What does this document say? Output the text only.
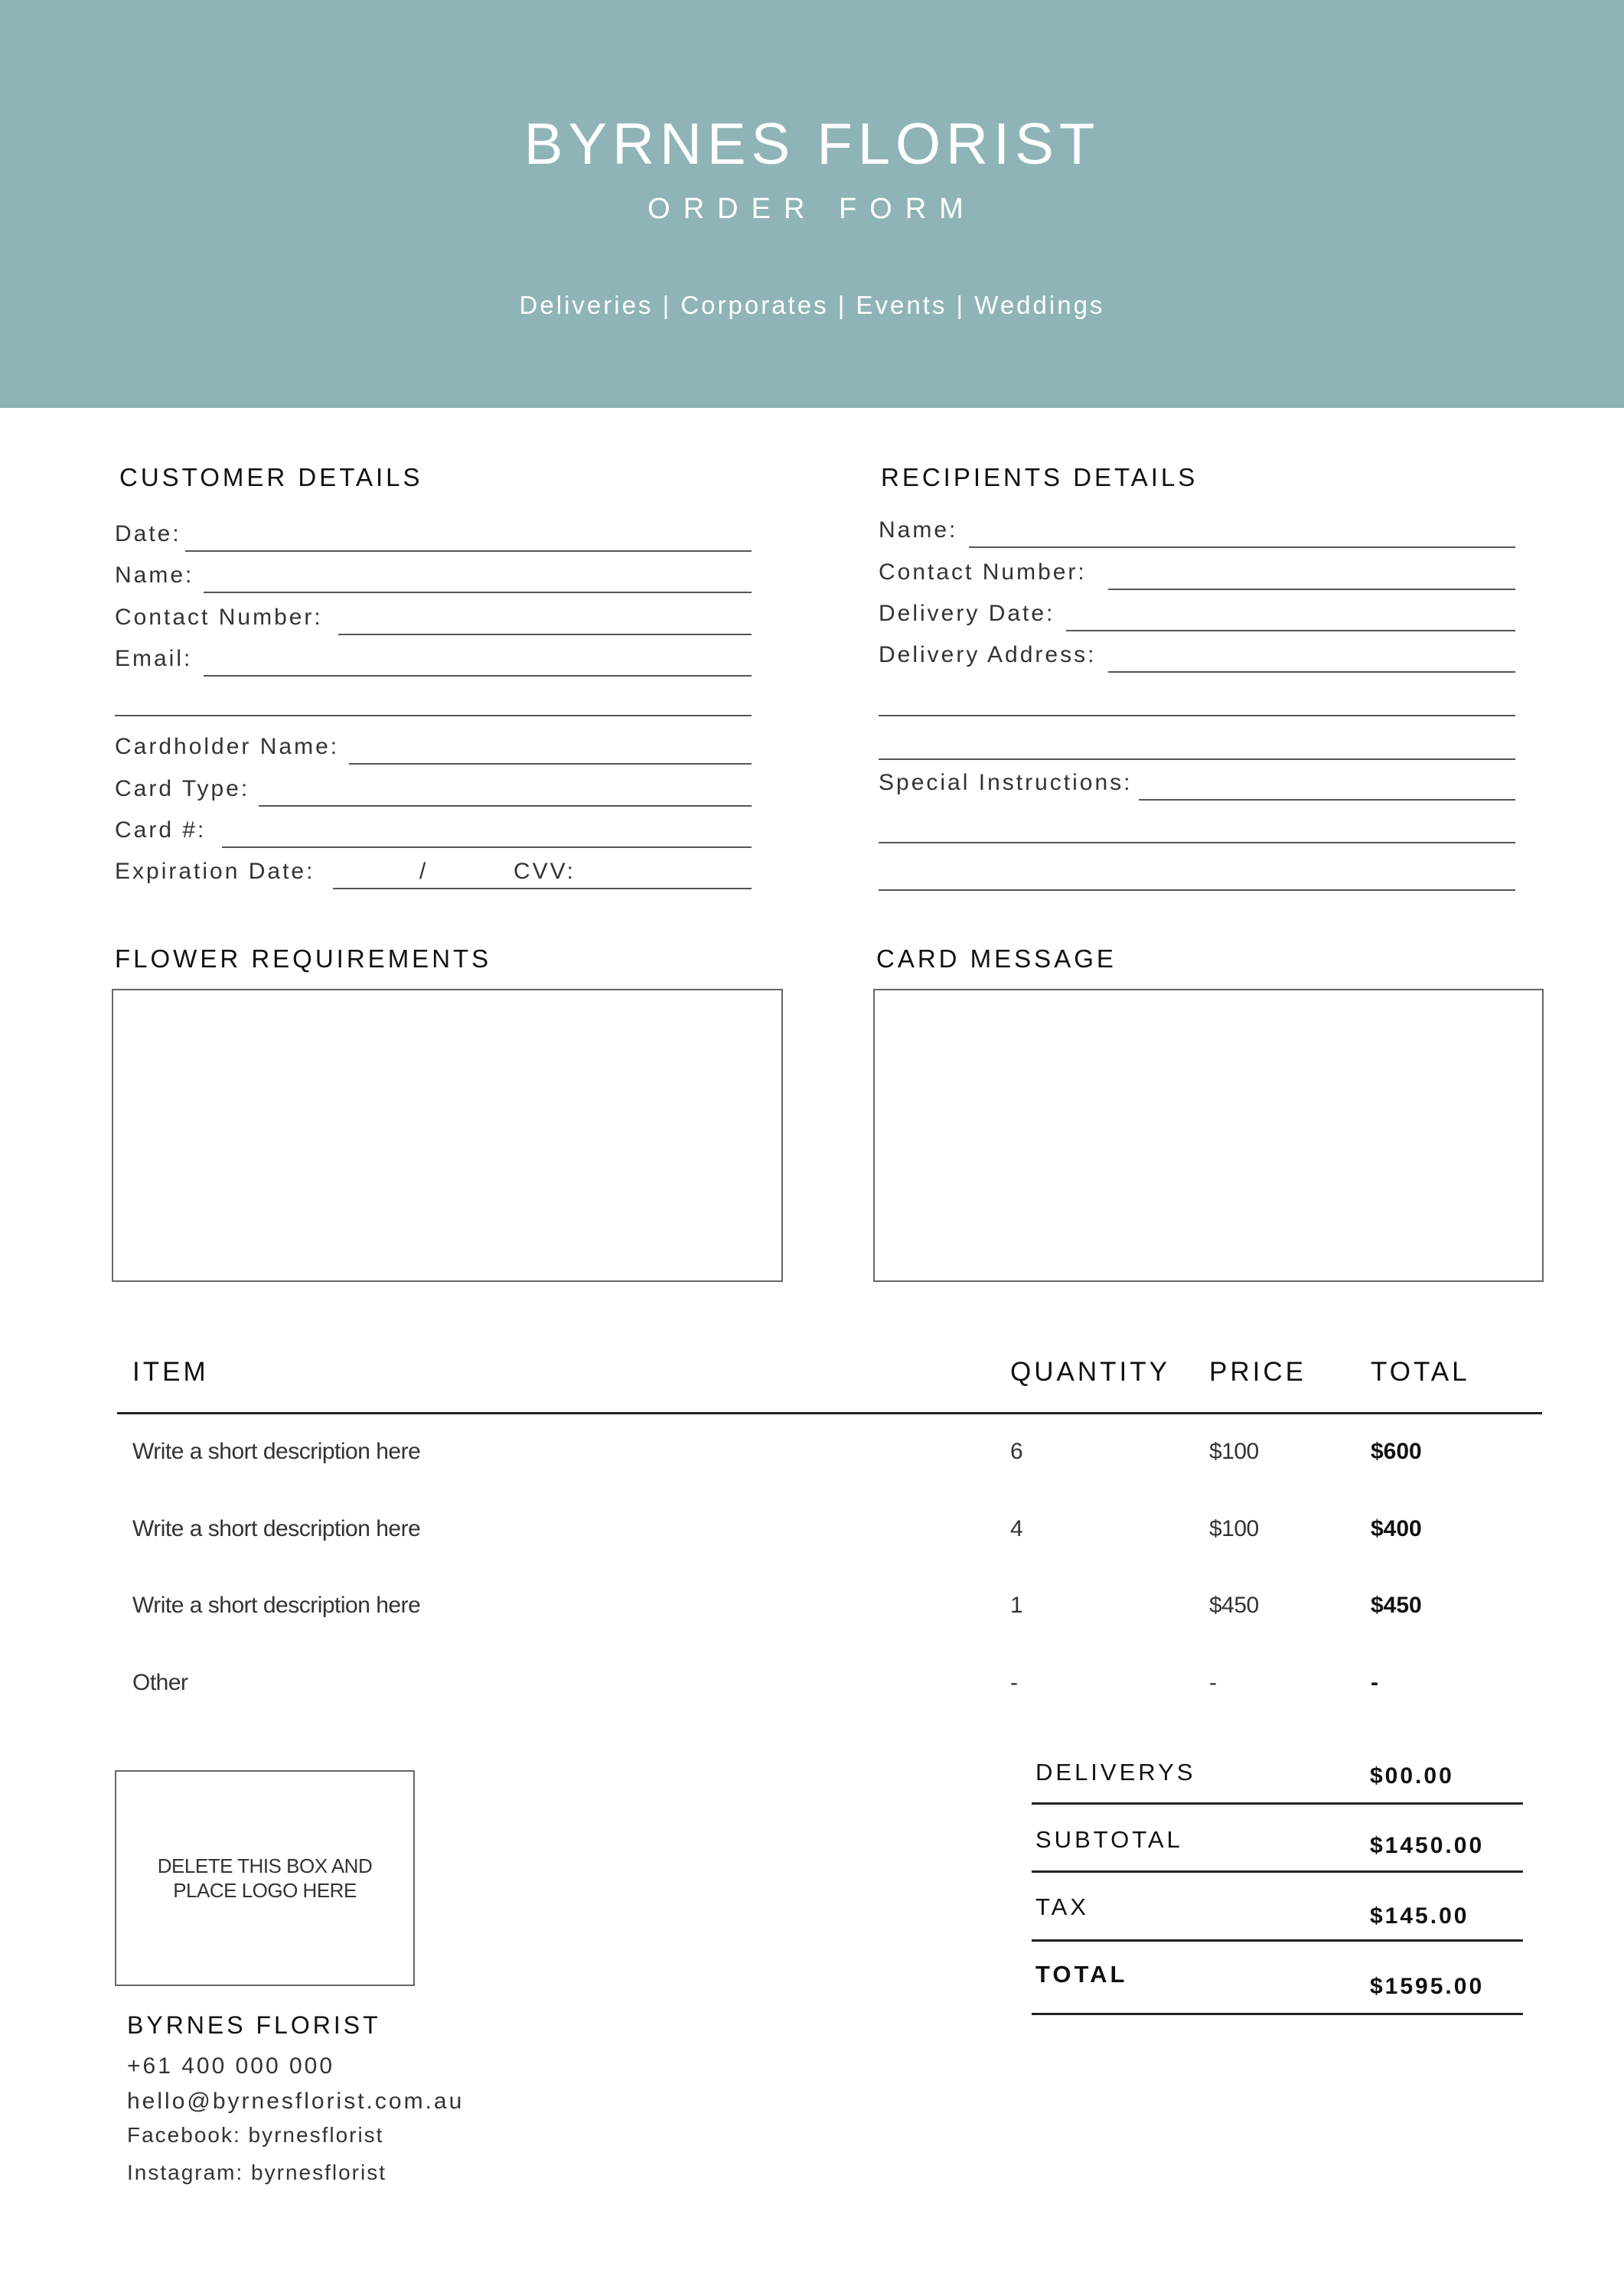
BYRNES FLORIST
ORDER FORM
Deliveries | Corporates | Events | Weddings
CUSTOMER DETAILS
Date:
Name:
Contact Number:
Email:
Cardholder Name:
Card Type:
Card #:
Expiration Date:	/	CVV:
RECIPIENTS DETAILS
Name:
Contact Number:
Delivery Date:
Delivery Address:
Special Instructions:
FLOWER REQUIREMENTS	CARD MESSAGE
ITEM	QUANTITY PRICE TOTAL
Write a short description here	6	$100	$600
Write a short description here	4	$100	$400
Write a short description here	1	$450	$450
Other	-	-	-
DELIVERYS	$00.00
SUBTOTAL	$1450.00
TAX	$145.00
TOTAL	$1595.00
DELETE THIS BOX AND PLACE LOGO HERE
BYRNES FLORIST
+61 400 000 000
hello@byrnesflorist.com.au
Facebook: byrnesflorist
Instagram: byrnesflorist
